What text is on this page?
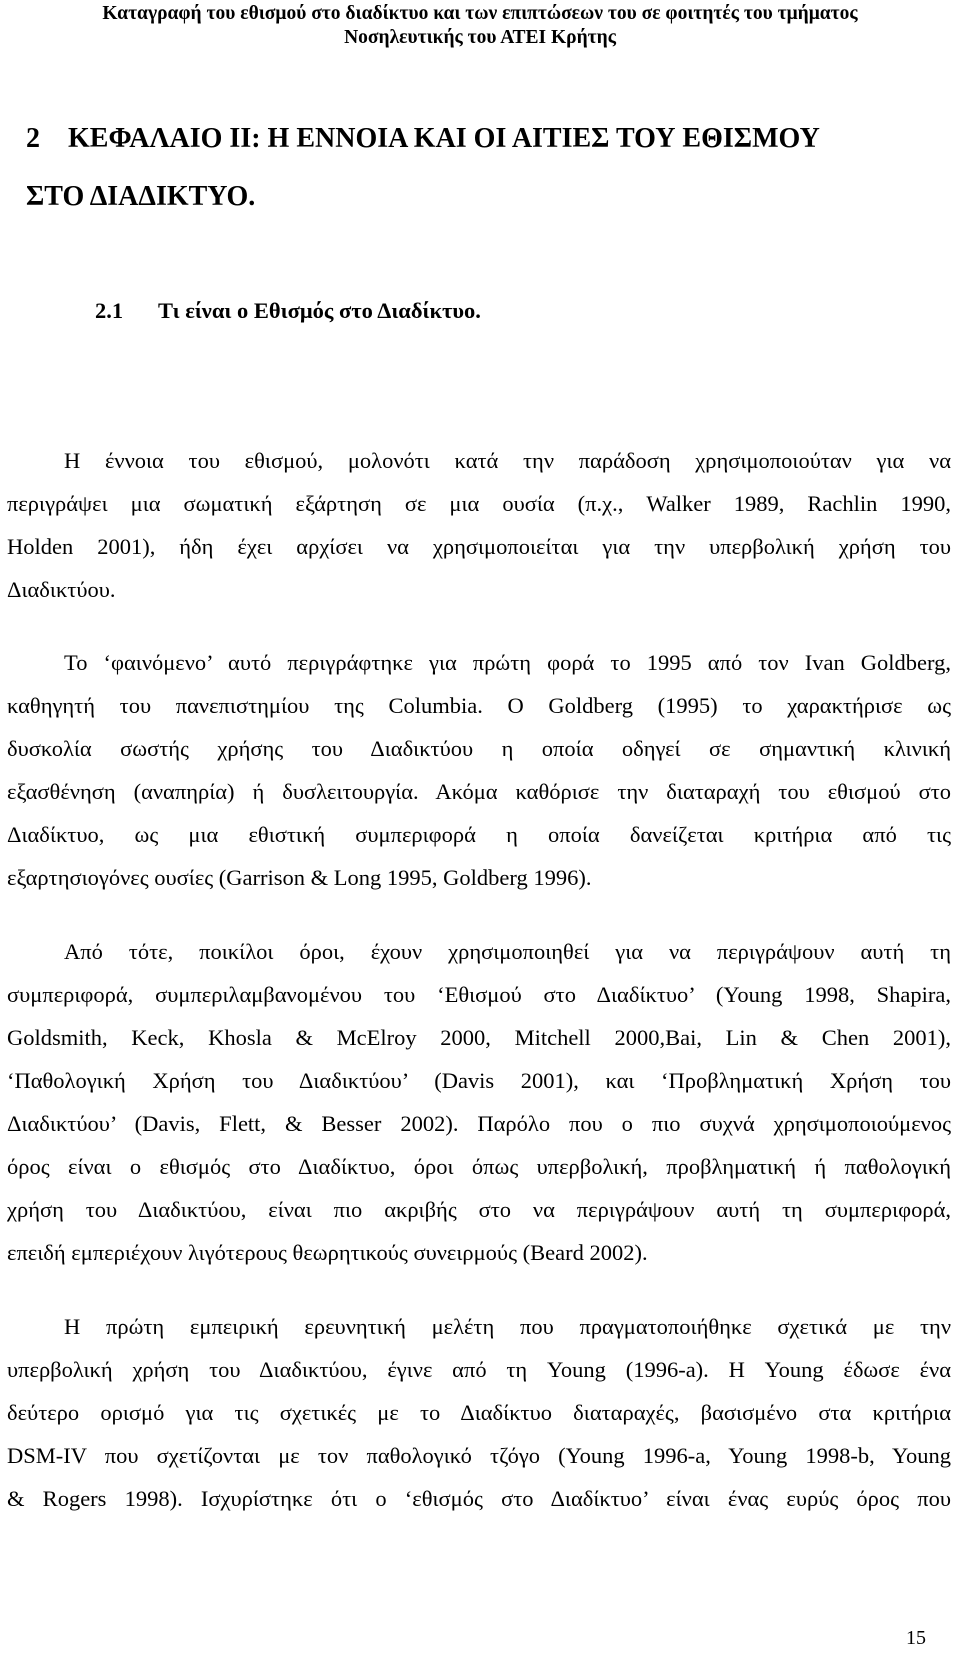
Καταγραφή του εθισμού στο διαδίκτυο και των επιπτώσεων του σε φοιτητές του τμήματος
Νοσηλευτικής του ΑΤΕΙ Κρήτης
2 ΚΕΦΑΛΑΙΟ ΙΙ: Η ΕΝΝΟΙΑ ΚΑΙ ΟΙ ΑΙΤΙΕΣ ΤΟΥ ΕΘΙΣΜΟΥ
ΣΤΟ ΔΙΑΔΙΚΤΥΟ.
2.1 Τι είναι ο Εθισμός στο Διαδίκτυο.
Η έννοια του εθισμού, μολονότι κατά την παράδοση χρησιμοποιούταν για να
περιγράψει μια σωματική εξάρτηση σε μια ουσία (π.χ., Walker 1989, Rachlin 1990,
Holden 2001), ήδη έχει αρχίσει να χρησιμοποιείται για την υπερβολική χρήση του
Διαδικτύου.
Το ‘φαινόμενο’ αυτό περιγράφτηκε για πρώτη φορά το 1995 από τον Ivan Goldberg,
καθηγητή του πανεπιστημίου της Columbia. Ο Goldberg (1995) το χαρακτήρισε ως
δυσκολία σωστής χρήσης του Διαδικτύου η οποία οδηγεί σε σημαντική κλινική
εξασθένηση (αναπηρία) ή δυσλειτουργία. Ακόμα καθόρισε την διαταραχή του εθισμού στο
Διαδίκτυο, ως μια εθιστική συμπεριφορά η οποία δανείζεται κριτήρια από τις
εξαρτησιογόνες ουσίες (Garrison & Long 1995, Goldberg 1996).
Από τότε, ποικίλοι όροι, έχουν χρησιμοποιηθεί για να περιγράψουν αυτή τη
συμπεριφορά, συμπεριλαμβανομένου του ‘Εθισμού στο Διαδίκτυο’ (Young 1998, Shapira,
Goldsmith, Keck, Khosla & McElroy 2000, Mitchell 2000,Bai, Lin & Chen 2001),
‘Παθολογική Χρήση του Διαδικτύου’ (Davis 2001), και ‘Προβληματική Χρήση του
Διαδικτύου’ (Davis, Flett, & Besser 2002). Παρόλο που ο πιο συχνά χρησιμοποιούμενος
όρος είναι ο εθισμός στο Διαδίκτυο, όροι όπως υπερβολική, προβληματική ή παθολογική
χρήση του Διαδικτύου, είναι πιο ακριβής στο να περιγράψουν αυτή τη συμπεριφορά,
επειδή εμπεριέχουν λιγότερους θεωρητικούς συνειρμούς (Beard 2002).
Η πρώτη εμπειρική ερευνητική μελέτη που πραγματοποιήθηκε σχετικά με την
υπερβολική χρήση του Διαδικτύου, έγινε από τη Young (1996-a). Η Young έδωσε ένα
δεύτερο ορισμό για τις σχετικές με το Διαδίκτυο διαταραχές, βασισμένο στα κριτήρια
DSM-IV που σχετίζονται με τον παθολογικό τζόγο (Young 1996-a, Young 1998-b, Young
& Rogers 1998). Ισχυρίστηκε ότι ο ‘εθισμός στο Διαδίκτυο’ είναι ένας ευρύς όρος που
15
